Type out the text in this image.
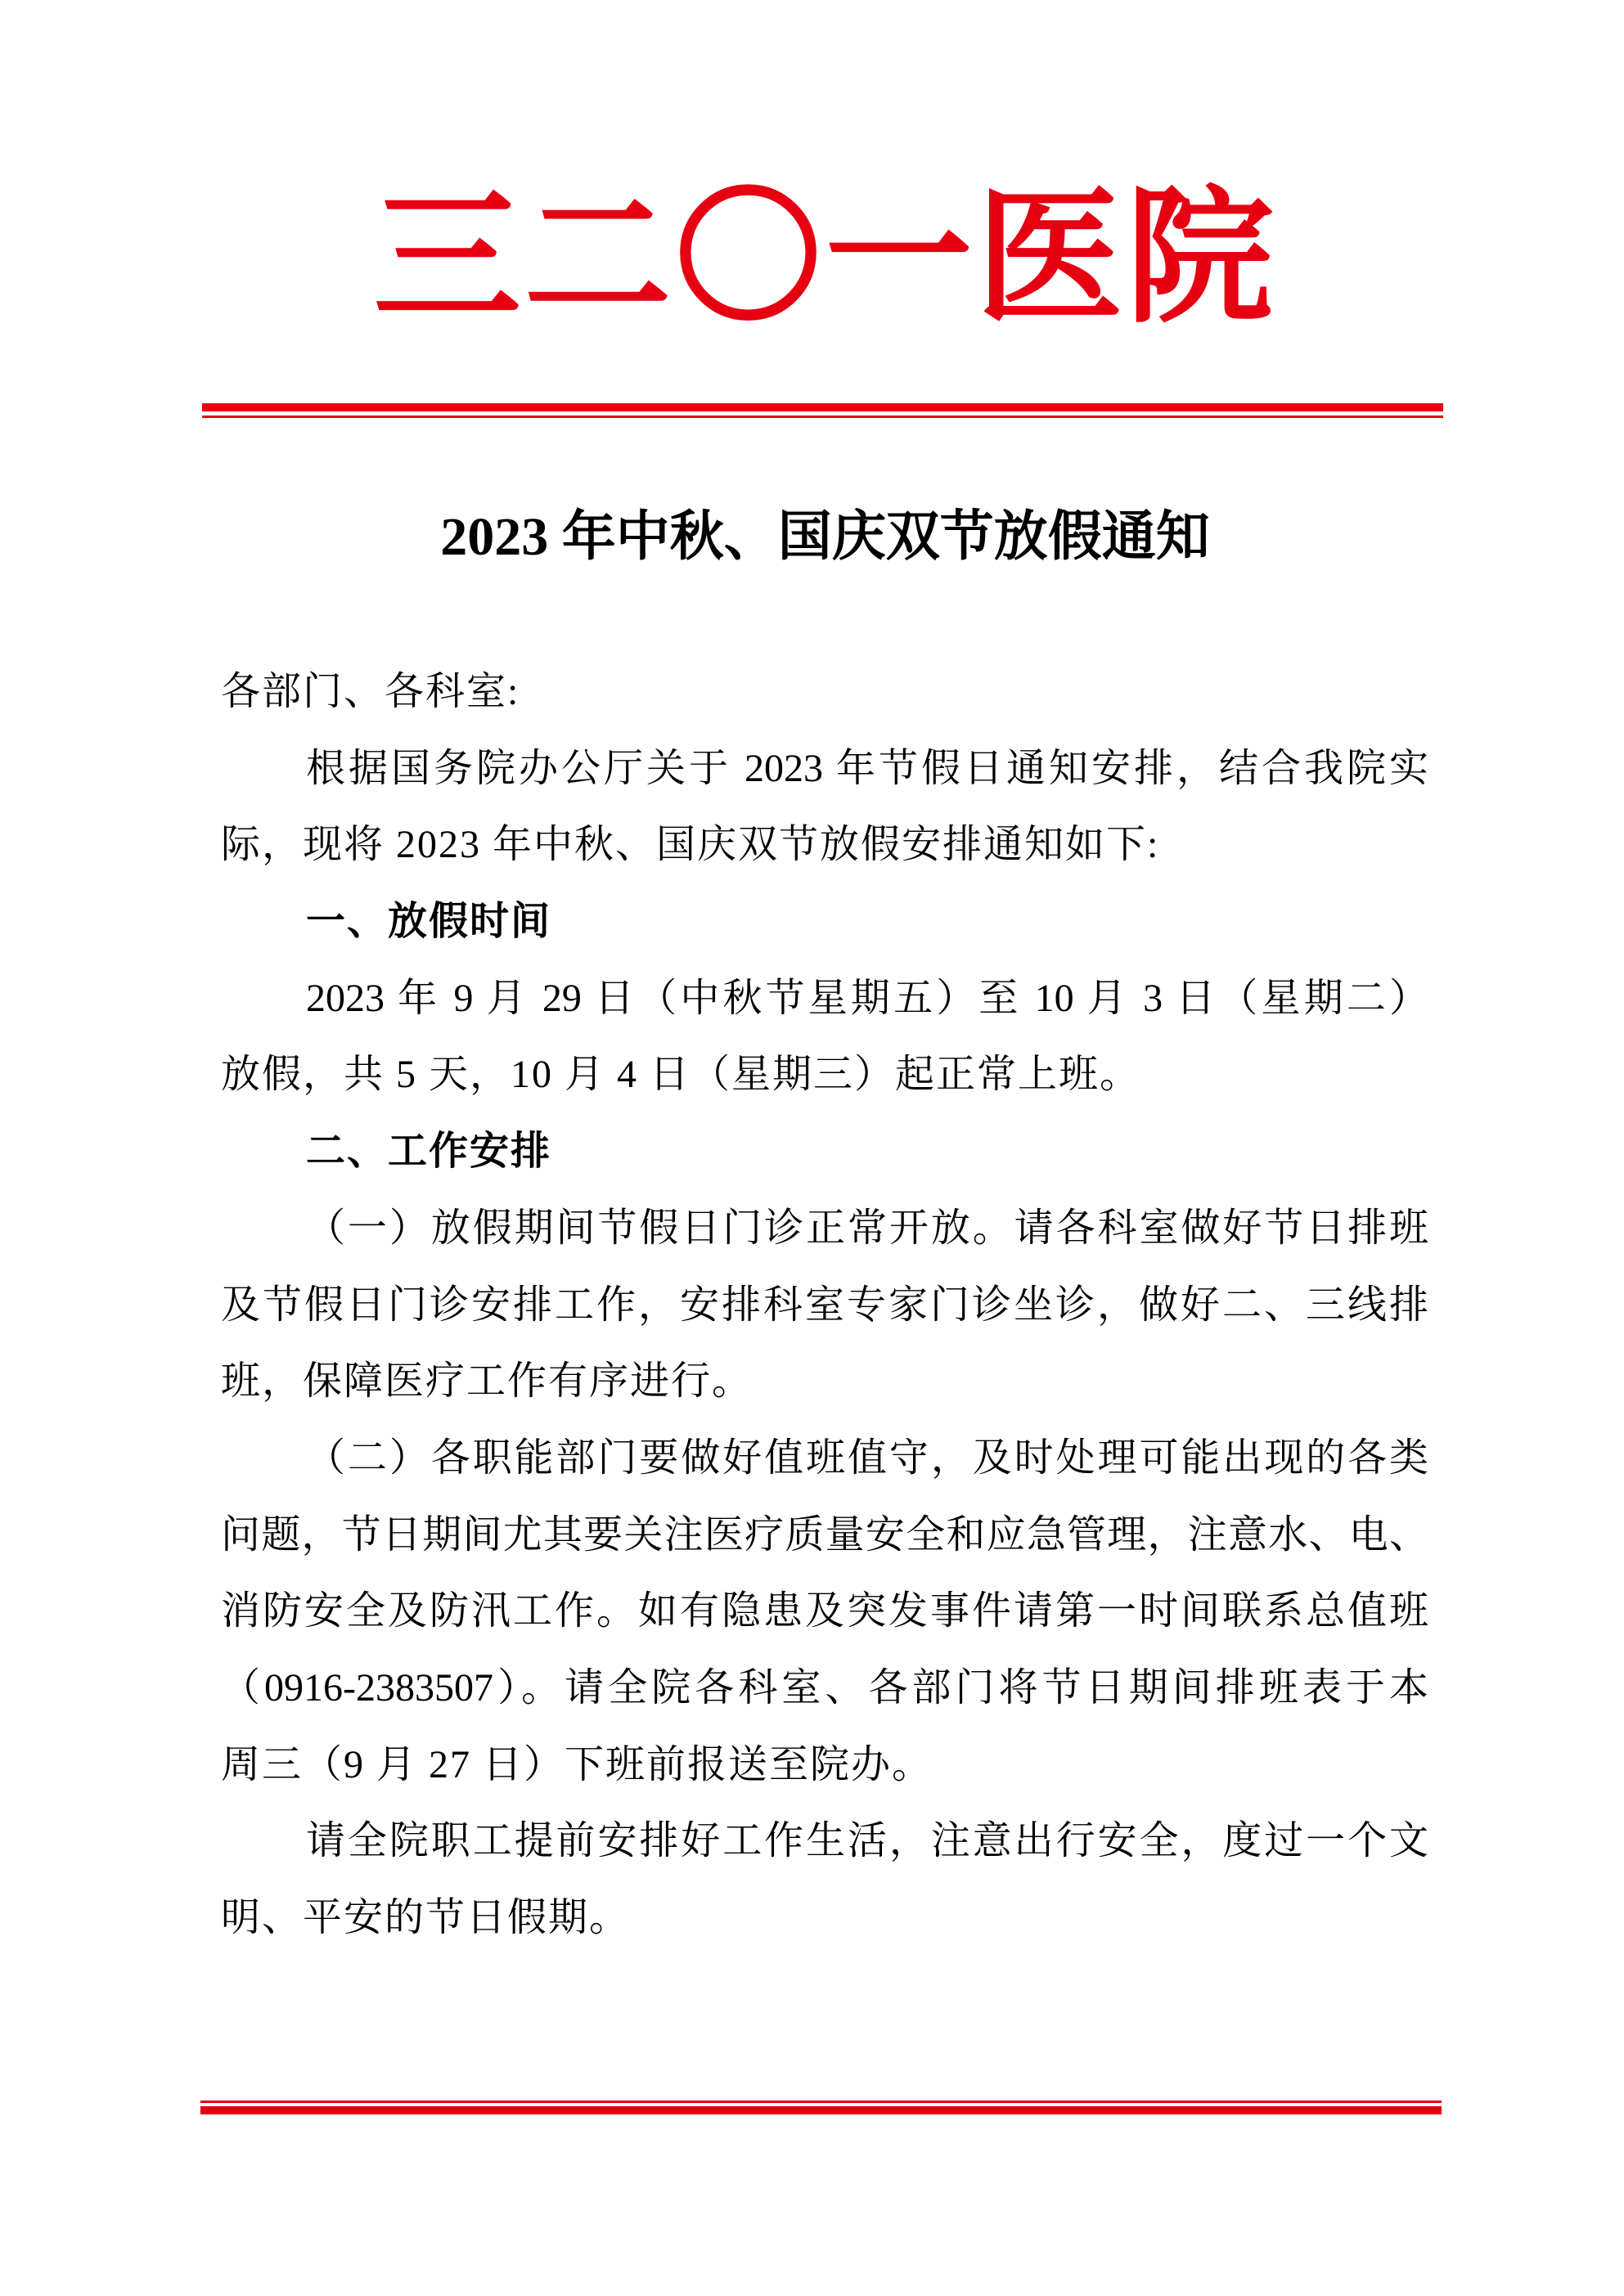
三二〇一医院
2023 年中秋、国庆双节放假通知
各部门、各科室:
根据国务院办公厅关于 2023 年节假日通知安排，结合我院实
际，现将 2023 年中秋、国庆双节放假安排通知如下:
一、放假时间
2023 年 9 月 29 日（中秋节星期五）至 10 月 3 日（星期二）
放假，共 5 天，10 月 4 日（星期三）起正常上班。
二、工作安排
（一）放假期间节假日门诊正常开放。请各科室做好节日排班
及节假日门诊安排工作，安排科室专家门诊坐诊，做好二、三线排
班，保障医疗工作有序进行。
（二）各职能部门要做好值班值守，及时处理可能出现的各类
问题，节日期间尤其要关注医疗质量安全和应急管理，注意水、电、
消防安全及防汛工作。如有隐患及突发事件请第一时间联系总值班
（0916-2383507）。请全院各科室、各部门将节日期间排班表于本
周三（9 月 27 日）下班前报送至院办。
请全院职工提前安排好工作生活，注意出行安全，度过一个文
明、平安的节日假期。
